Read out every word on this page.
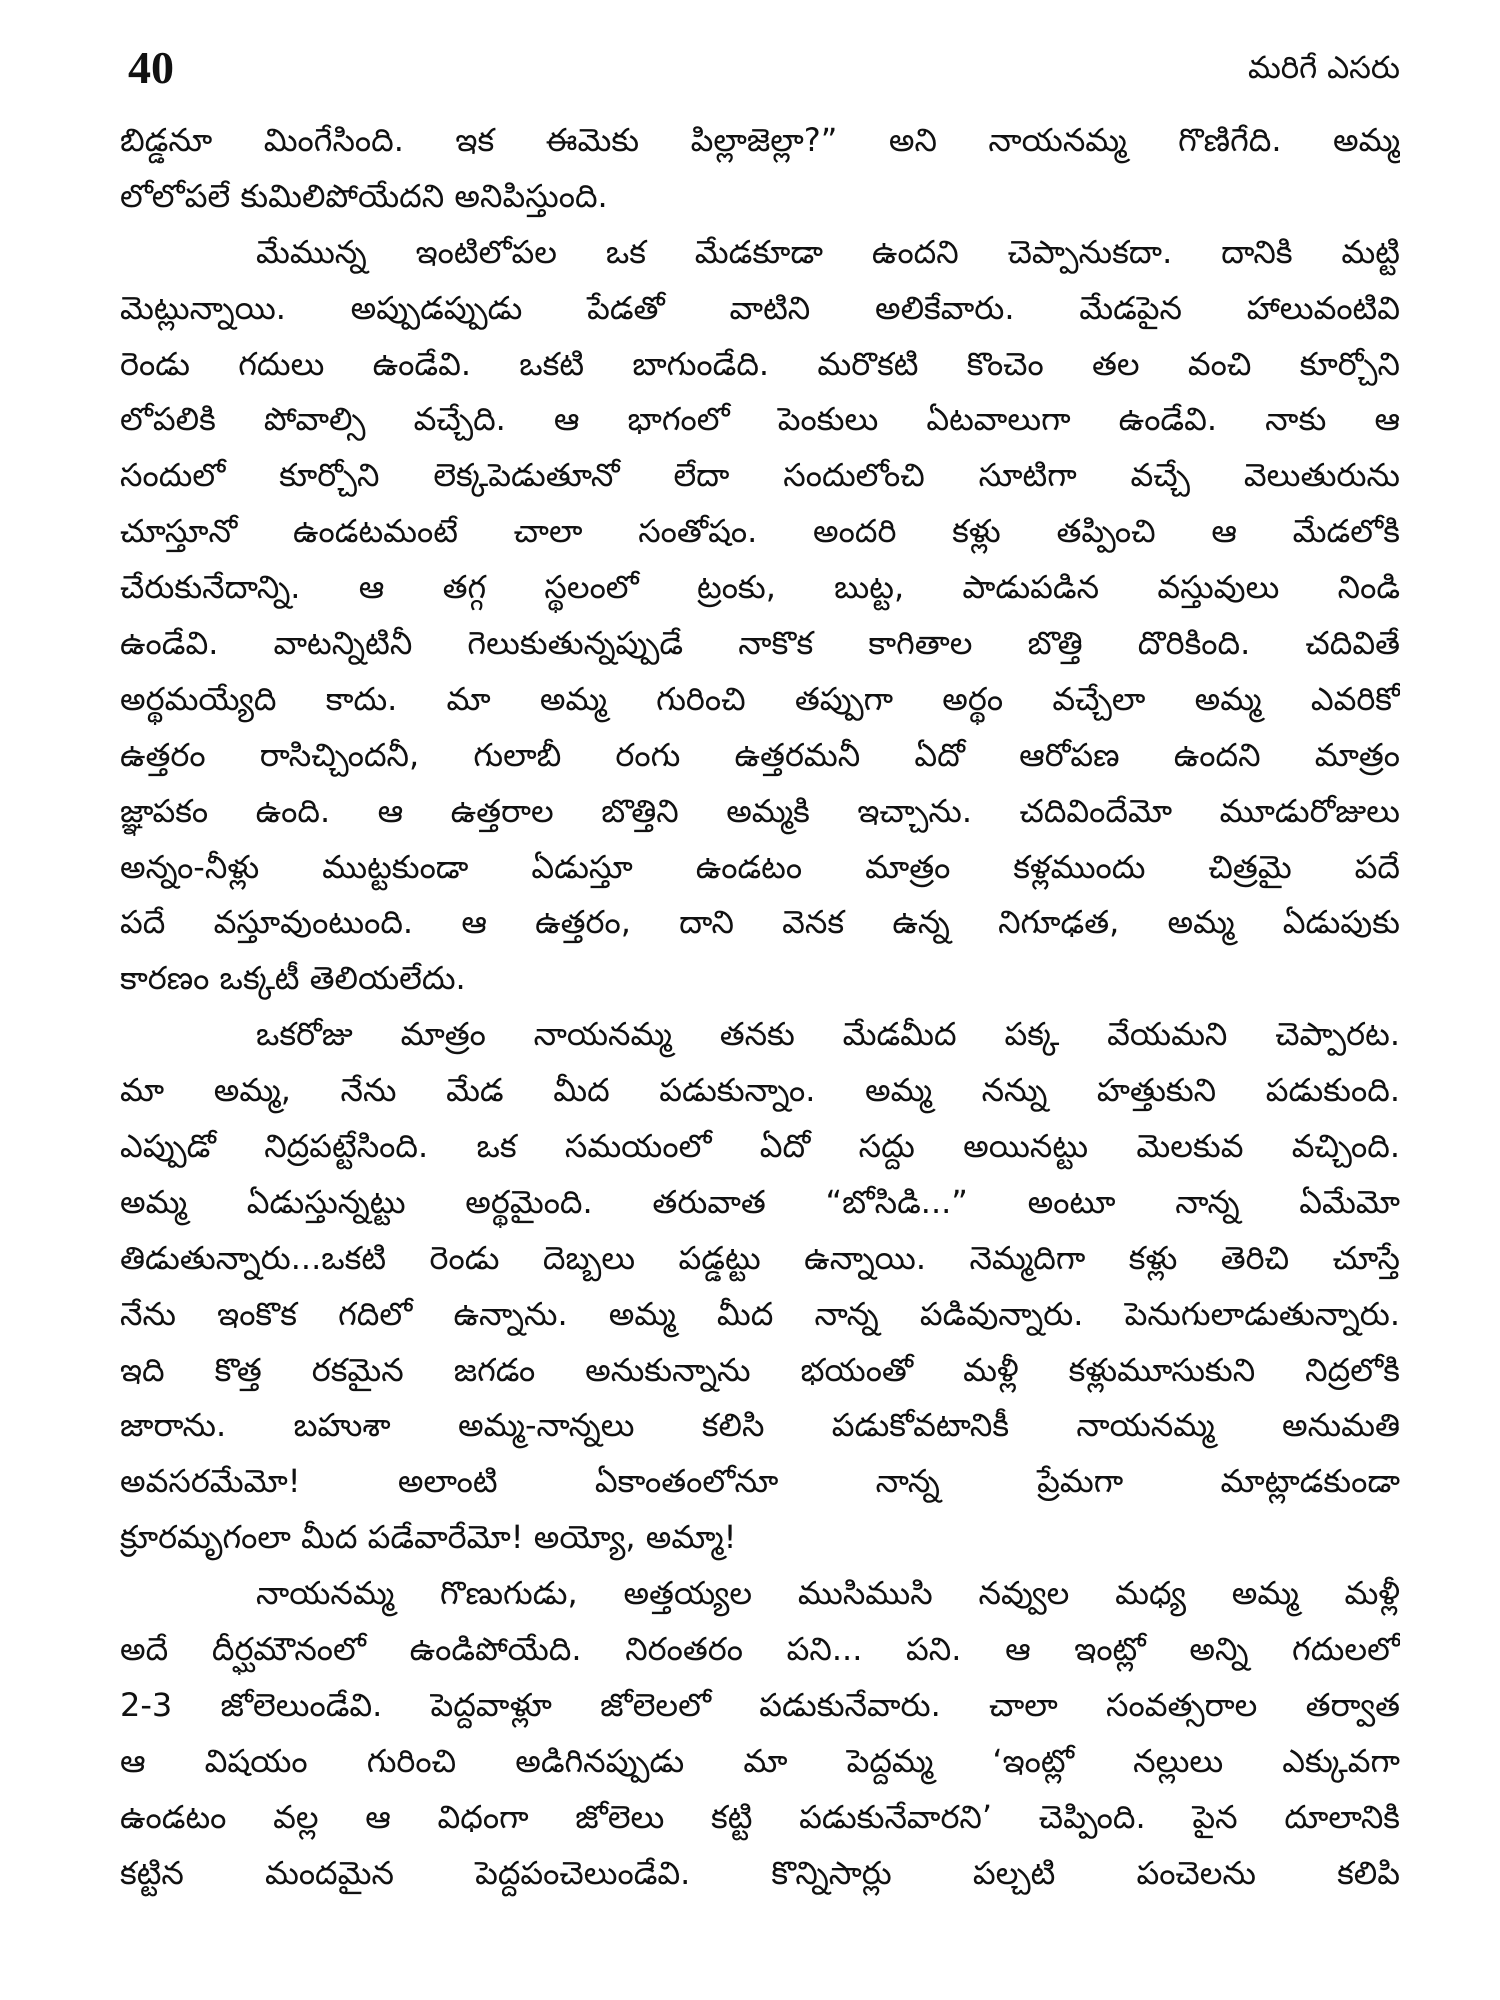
40	మరిగే ఎసరు
బిడ్డనూ మింగేసింది. ఇక ఈమెకు పిల్లాజెల్లా?” అని నాయనమ్మ గొణిగేది. అమ్మ
లోలోపలే కుమిలిపోయేదని అనిపిస్తుంది.
మేమున్న ఇంటిలోపల ఒక మేడకూడా ఉందని చెప్పానుకదా. దానికి మట్టి
మెట్లున్నాయి. అప్పుడప్పుడు పేడతో వాటిని అలికేవారు. మేడపైన హాలువంటివి
రెండు గదులు ఉండేవి. ఒకటి బాగుండేది. మరొకటి కొంచెం తల వంచి కూర్చోని
లోపలికి పోవాల్సి వచ్చేది. ఆ భాగంలో పెంకులు ఏటవాలుగా ఉండేవి. నాకు ఆ
సందులో కూర్చోని లెక్కపెడుతూనో లేదా సందులోంచి సూటిగా వచ్చే వెలుతురును
చూస్తూనో ఉండటమంటే చాలా సంతోషం. అందరి కళ్లు తప్పించి ఆ మేడలోకి
చేరుకునేదాన్ని. ఆ తగ్గ స్థలంలో ట్రంకు, బుట్ట, పాడుపడిన వస్తువులు నిండి
ఉండేవి. వాటన్నిటినీ గెలుకుతున్నప్పుడే నాకొక కాగితాల బొత్తి దొరికింది. చదివితే
అర్థమయ్యేది కాదు. మా అమ్మ గురించి తప్పుగా అర్థం వచ్చేలా అమ్మ ఎవరికో
ఉత్తరం రాసిచ్చిందనీ, గులాబీ రంగు ఉత్తరమనీ ఏదో ఆరోపణ ఉందని మాత్రం
జ్ఞాపకం ఉంది. ఆ ఉత్తరాల బొత్తిని అమ్మకి ఇచ్చాను. చదివిందేమో మూడురోజులు
అన్నం-నీళ్లు ముట్టకుండా ఏడుస్తూ ఉండటం మాత్రం కళ్లముందు చిత్రమై పదే
పదే వస్తూవుంటుంది. ఆ ఉత్తరం, దాని వెనక ఉన్న నిగూఢత, అమ్మ ఏడుపుకు
కారణం ఒక్కటీ తెలియలేదు.
ఒకరోజు మాత్రం నాయనమ్మ తనకు మేడమీద పక్క వేయమని చెప్పారట.
మా అమ్మ, నేను మేడ మీద పడుకున్నాం. అమ్మ నన్ను హత్తుకుని పడుకుంది.
ఎప్పుడో నిద్రపట్టేసింది. ఒక సమయంలో ఏదో సద్దు అయినట్టు మెలకువ వచ్చింది.
అమ్మ ఏడుస్తున్నట్టు అర్థమైంది. తరువాత “బోసిడి...” అంటూ నాన్న ఏమేమో
తిడుతున్నారు...ఒకటి రెండు దెబ్బలు పడ్డట్టు ఉన్నాయి. నెమ్మదిగా కళ్లు తెరిచి చూస్తే
నేను ఇంకొక గదిలో ఉన్నాను. అమ్మ మీద నాన్న పడివున్నారు. పెనుగులాడుతున్నారు.
ఇది కొత్త రకమైన జగడం అనుకున్నాను భయంతో మళ్లీ కళ్లుమూసుకుని నిద్రలోకి
జారాను. బహుశా అమ్మ-నాన్నలు కలిసి పడుకోవటానికీ నాయనమ్మ అనుమతి
అవసరమేమో! అలాంటి ఏకాంతంలోనూ నాన్న ప్రేమగా మాట్లాడకుండా
క్రూరమృగంలా మీద పడేవారేమో! అయ్యో, అమ్మా!
నాయనమ్మ గొణుగుడు, అత్తయ్యల ముసిముసి నవ్వుల మధ్య అమ్మ మళ్లీ
అదే దీర్ఘమౌనంలో ఉండిపోయేది. నిరంతరం పని... పని. ఆ ఇంట్లో అన్ని గదులలో
2-3 జోలెలుండేవి. పెద్దవాళ్లూ జోలెలలో పడుకునేవారు. చాలా సంవత్సరాల తర్వాత
ఆ విషయం గురించి అడిగినప్పుడు మా పెద్దమ్మ ‘ఇంట్లో నల్లులు ఎక్కువగా
ఉండటం వల్ల ఆ విధంగా జోలెలు కట్టి పడుకునేవారని’ చెప్పింది. పైన దూలానికి
కట్టిన మందమైన పెద్దపంచెలుండేవి. కొన్నిసార్లు పల్చటి పంచెలను కలిపి
